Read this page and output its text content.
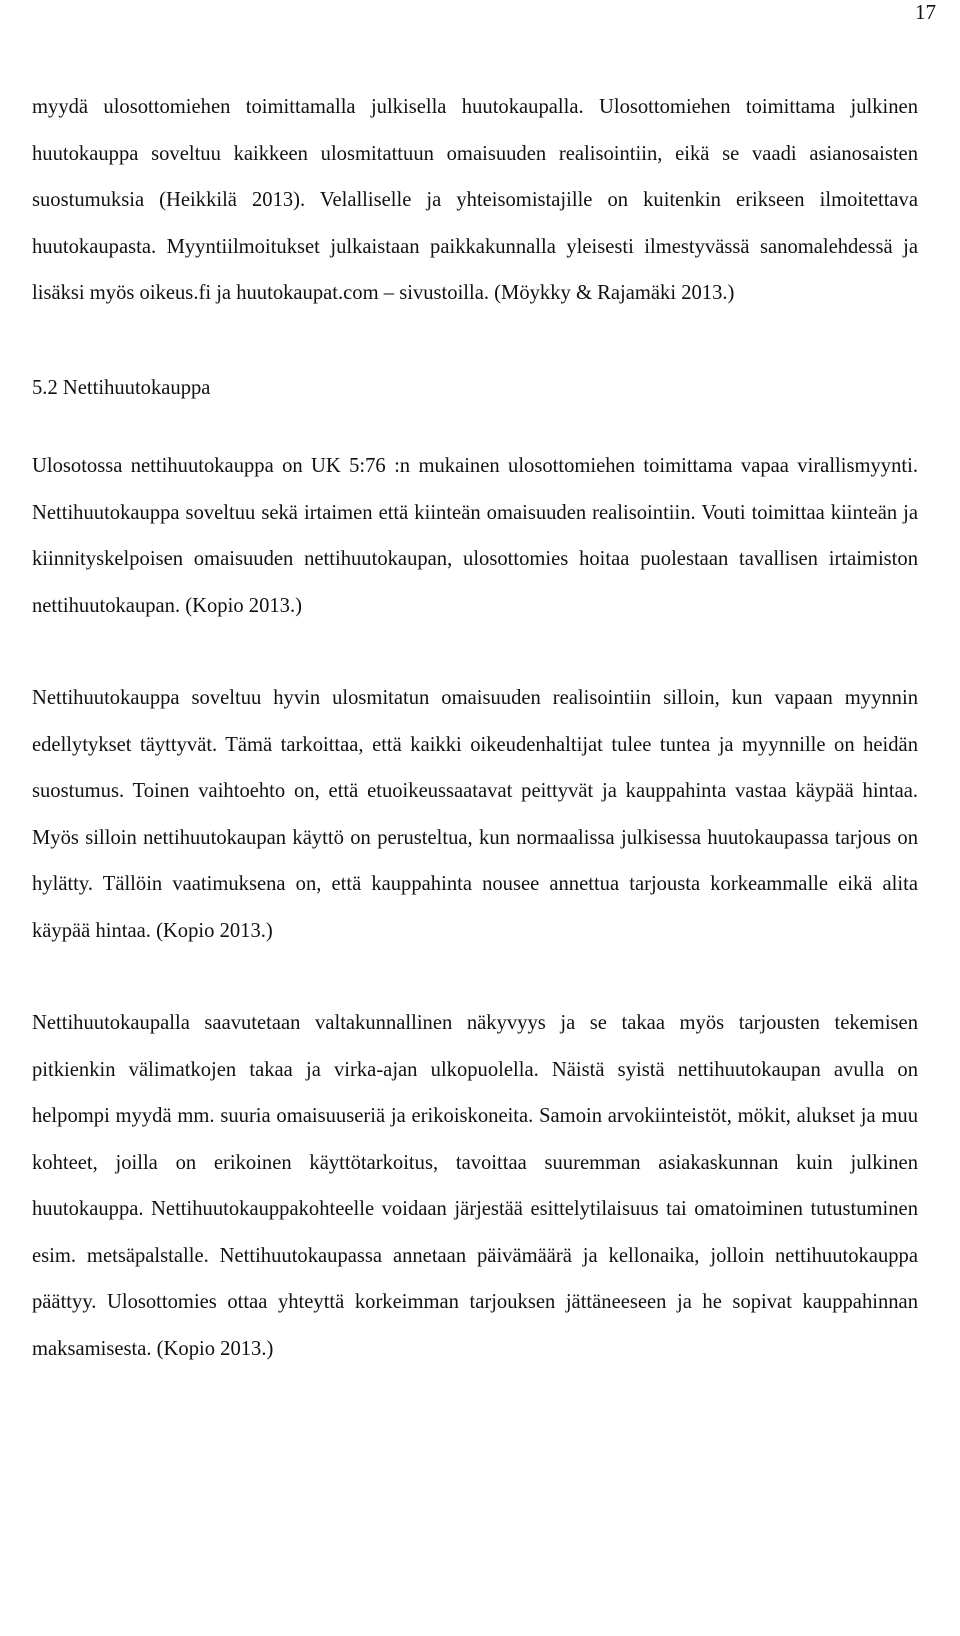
17

myydä ulosottomiehen toimittamalla julkisella huutokaupalla. Ulosottomiehen toimittama julkinen huutokauppa soveltuu kaikkeen ulosmitattuun omaisuuden realisointiin, eikä se vaadi asianosaisten suostumuksia (Heikkilä 2013). Velalliselle ja yhteisomistajille on kuitenkin erikseen ilmoitettava huutokaupasta. Myyntiilmoitukset julkaistaan paikkakunnalla yleisesti ilmestyvässä sanomalehdessä ja lisäksi myös oikeus.fi ja huutokaupat.com – sivustoilla. (Möykky & Rajamäki 2013.)

5.2 Nettihuutokauppa

Ulosotossa nettihuutokauppa on UK 5:76 :n mukainen ulosottomiehen toimittama vapaa virallismyynti. Nettihuutokauppa soveltuu sekä irtaimen että kiinteän omaisuuden realisointiin. Vouti toimittaa kiinteän ja kiinnityskelpoisen omaisuuden nettihuutokaupan, ulosottomies hoitaa puolestaan tavallisen irtaimiston nettihuutokaupan. (Kopio 2013.)

Nettihuutokauppa soveltuu hyvin ulosmitatun omaisuuden realisointiin silloin, kun vapaan myynnin edellytykset täyttyvät. Tämä tarkoittaa, että kaikki oikeudenhaltijat tulee tuntea ja myynnille on heidän suostumus. Toinen vaihtoehto on, että etuoikeussaatavat peittyvät ja kauppahinta vastaa käypää hintaa. Myös silloin nettihuutokaupan käyttö on perusteltua, kun normaalissa julkisessa huutokaupassa tarjous on hylätty. Tällöin vaatimuksena on, että kauppahinta nousee annettua tarjousta korkeammalle eikä alita käypää hintaa. (Kopio 2013.)

Nettihuutokaupalla saavutetaan valtakunnallinen näkyvyys ja se takaa myös tarjousten tekemisen pitkienkin välimatkojen takaa ja virka-ajan ulkopuolella. Näistä syistä nettihuutokaupan avulla on helpompi myydä mm. suuria omaisuuseriä ja erikoiskoneita. Samoin arvokiinteistöt, mökit, alukset ja muu kohteet, joilla on erikoinen käyttötarkoitus, tavoittaa suuremman asiakaskunnan kuin julkinen huutokauppa. Nettihuutokauppakohteelle voidaan järjestää esittelytilaisuus tai omatoiminen tutustuminen esim. metsäpalstalle. Nettihuutokaupassa annetaan päivämäärä ja kellonaika, jolloin nettihuutokauppa päättyy. Ulosottomies ottaa yhteyttä korkeimman tarjouksen jättäneeseen ja he sopivat kauppahinnan maksamisesta. (Kopio 2013.)
